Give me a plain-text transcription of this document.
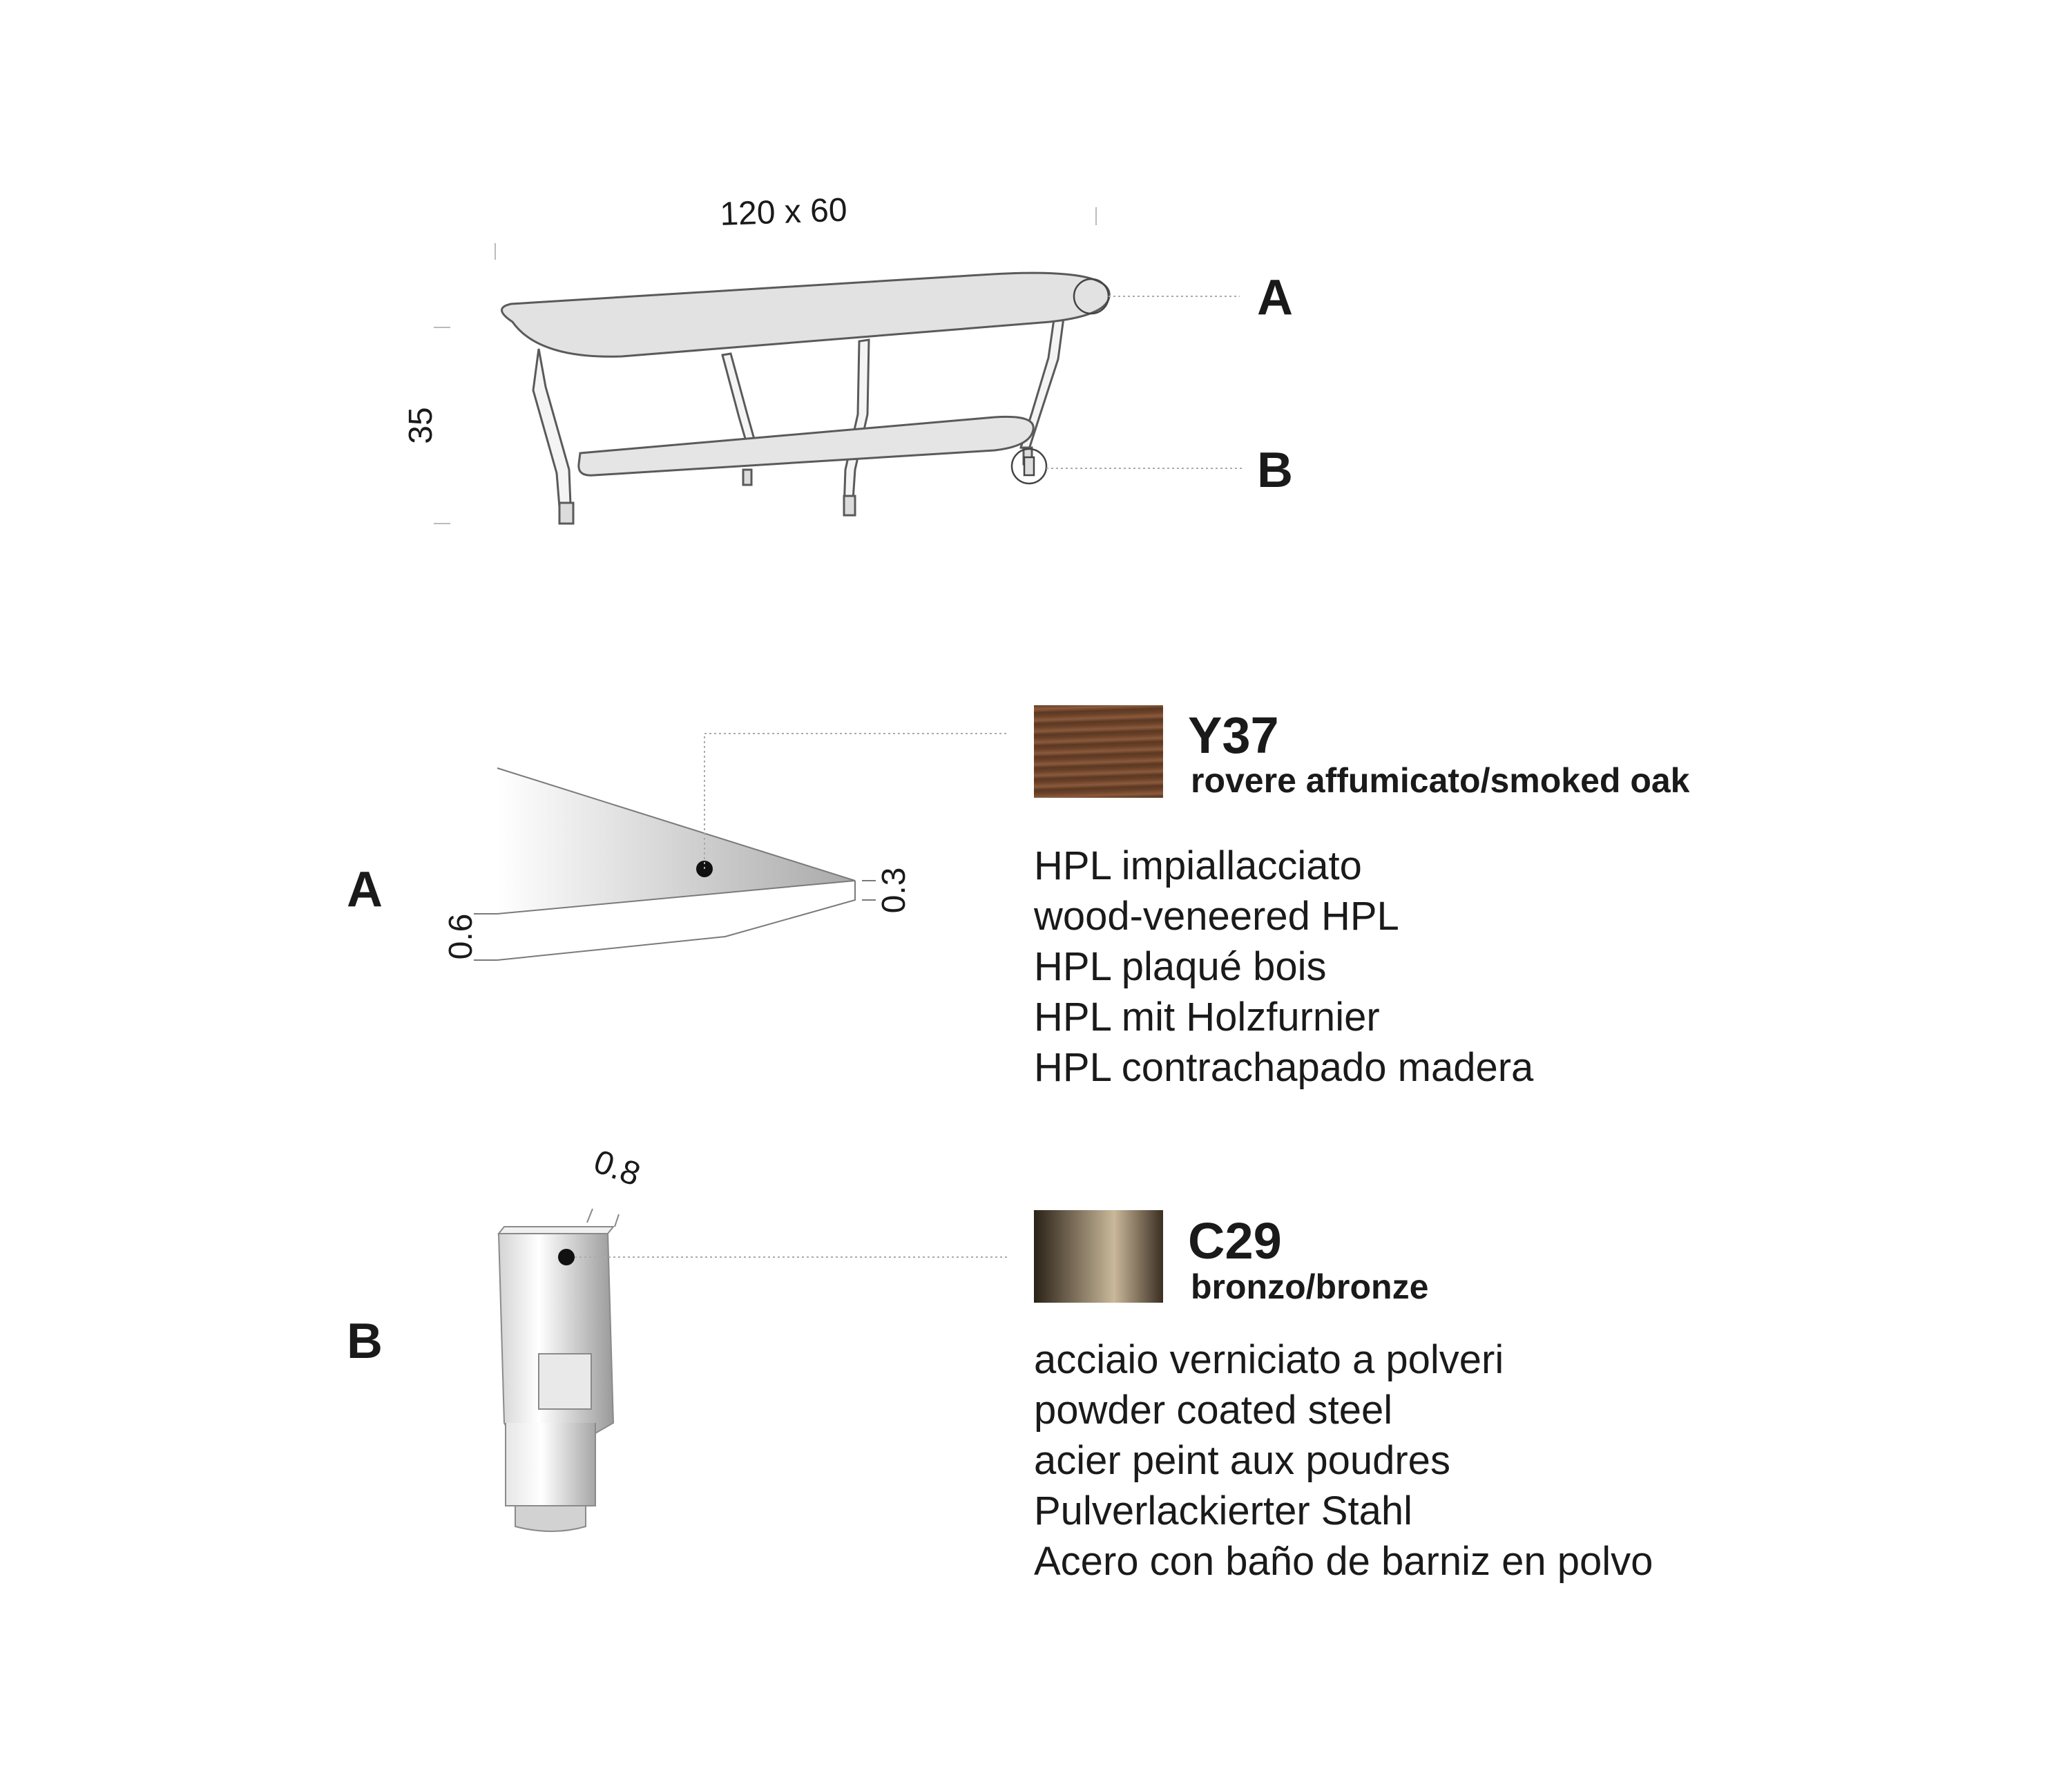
120 x 60
35
A
B
A
0.6
0.3
B
0.8
Y37
rovere affumicato/smoked oak
HPL impiallacciato
wood-veneered HPL
HPL plaqué bois
HPL mit Holzfurnier
HPL contrachapado madera
C29
bronzo/bronze
acciaio verniciato a polveri
powder coated steel
acier peint aux poudres
Pulverlackierter Stahl
Acero con baño de barniz en polvo
